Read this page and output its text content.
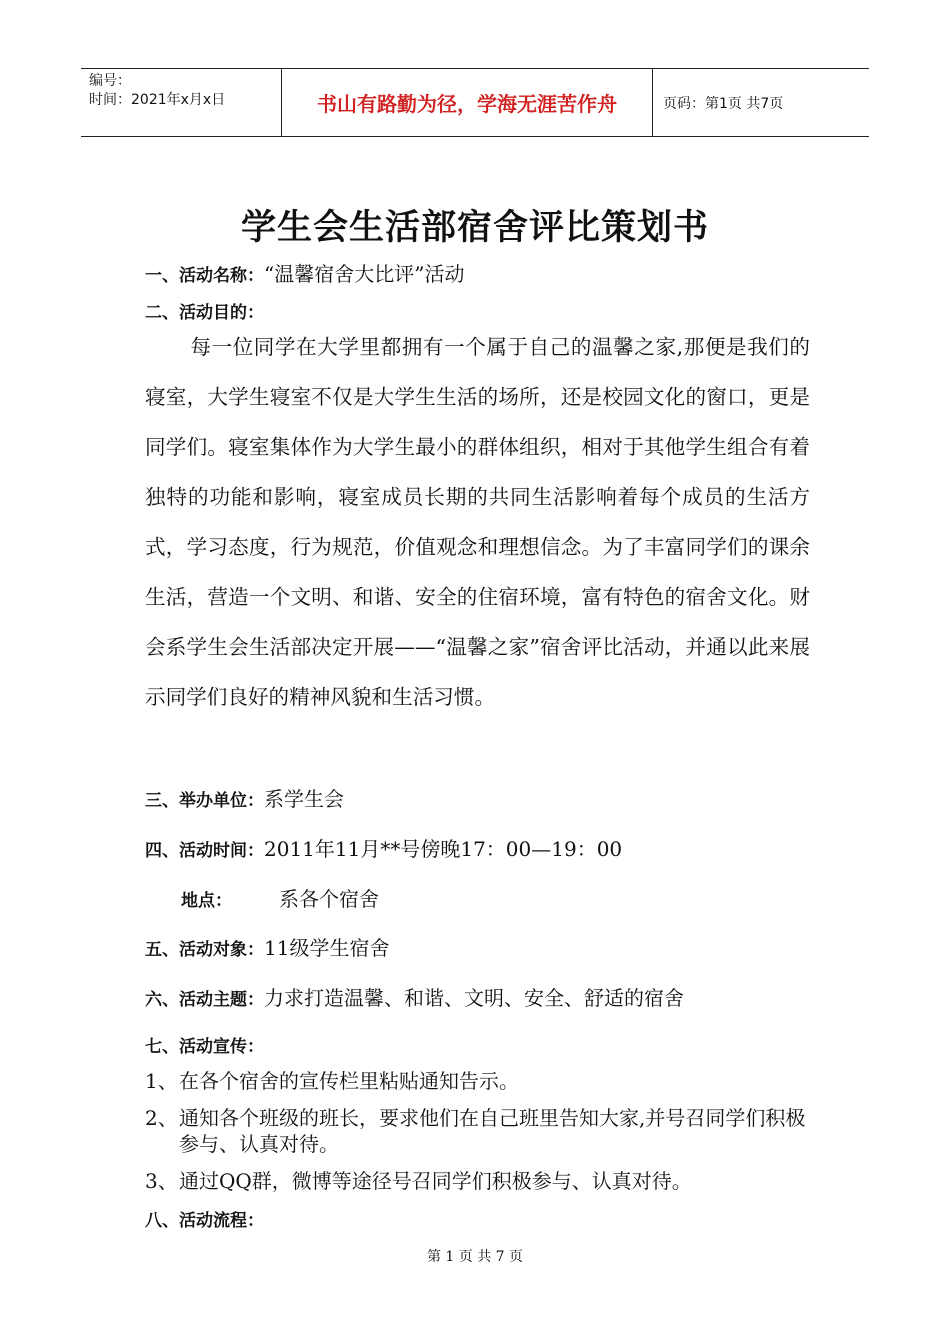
编号：
时间：2021年x月x日	书山有路勤为径，学海无涯苦作舟	页码：第1页 共7页
学生会生活部宿舍评比策划书
一、活动名称：“温馨宿舍大比评”活动
二、活动目的：

每一位同学在大学里都拥有一个属于自己的温馨之家,那便是我们的寝室，大学生寝室不仅是大学生生活的场所，还是校园文化的窗口，更是同学们。寝室集体作为大学生最小的群体组织，相对于其他学生组合有着独特的功能和影响，寝室成员长期的共同生活影响着每个成员的生活方式，学习态度，行为规范，价值观念和理想信念。为了丰富同学们的课余生活，营造一个文明、和谐、安全的住宿环境，富有特色的宿舍文化。财会系学生会生活部决定开展——“温馨之家”宿舍评比活动，并通以此来展示同学们良好的精神风貌和生活习惯。

三、举办单位：系学生会
四、活动时间：2011年11月**号傍晚17：00—19：00
地点： 系各个宿舍
五、活动对象：11级学生宿舍
六、活动主题：力求打造温馨、和谐、文明、安全、舒适的宿舍
七、活动宣传：
1、在各个宿舍的宣传栏里粘贴通知告示。
2、通知各个班级的班长，要求他们在自己班里告知大家,并号召同学们积极参与、认真对待。
3、通过QQ群，微博等途径号召同学们积极参与、认真对待。
八、活动流程：
第 1 页 共 7 页
